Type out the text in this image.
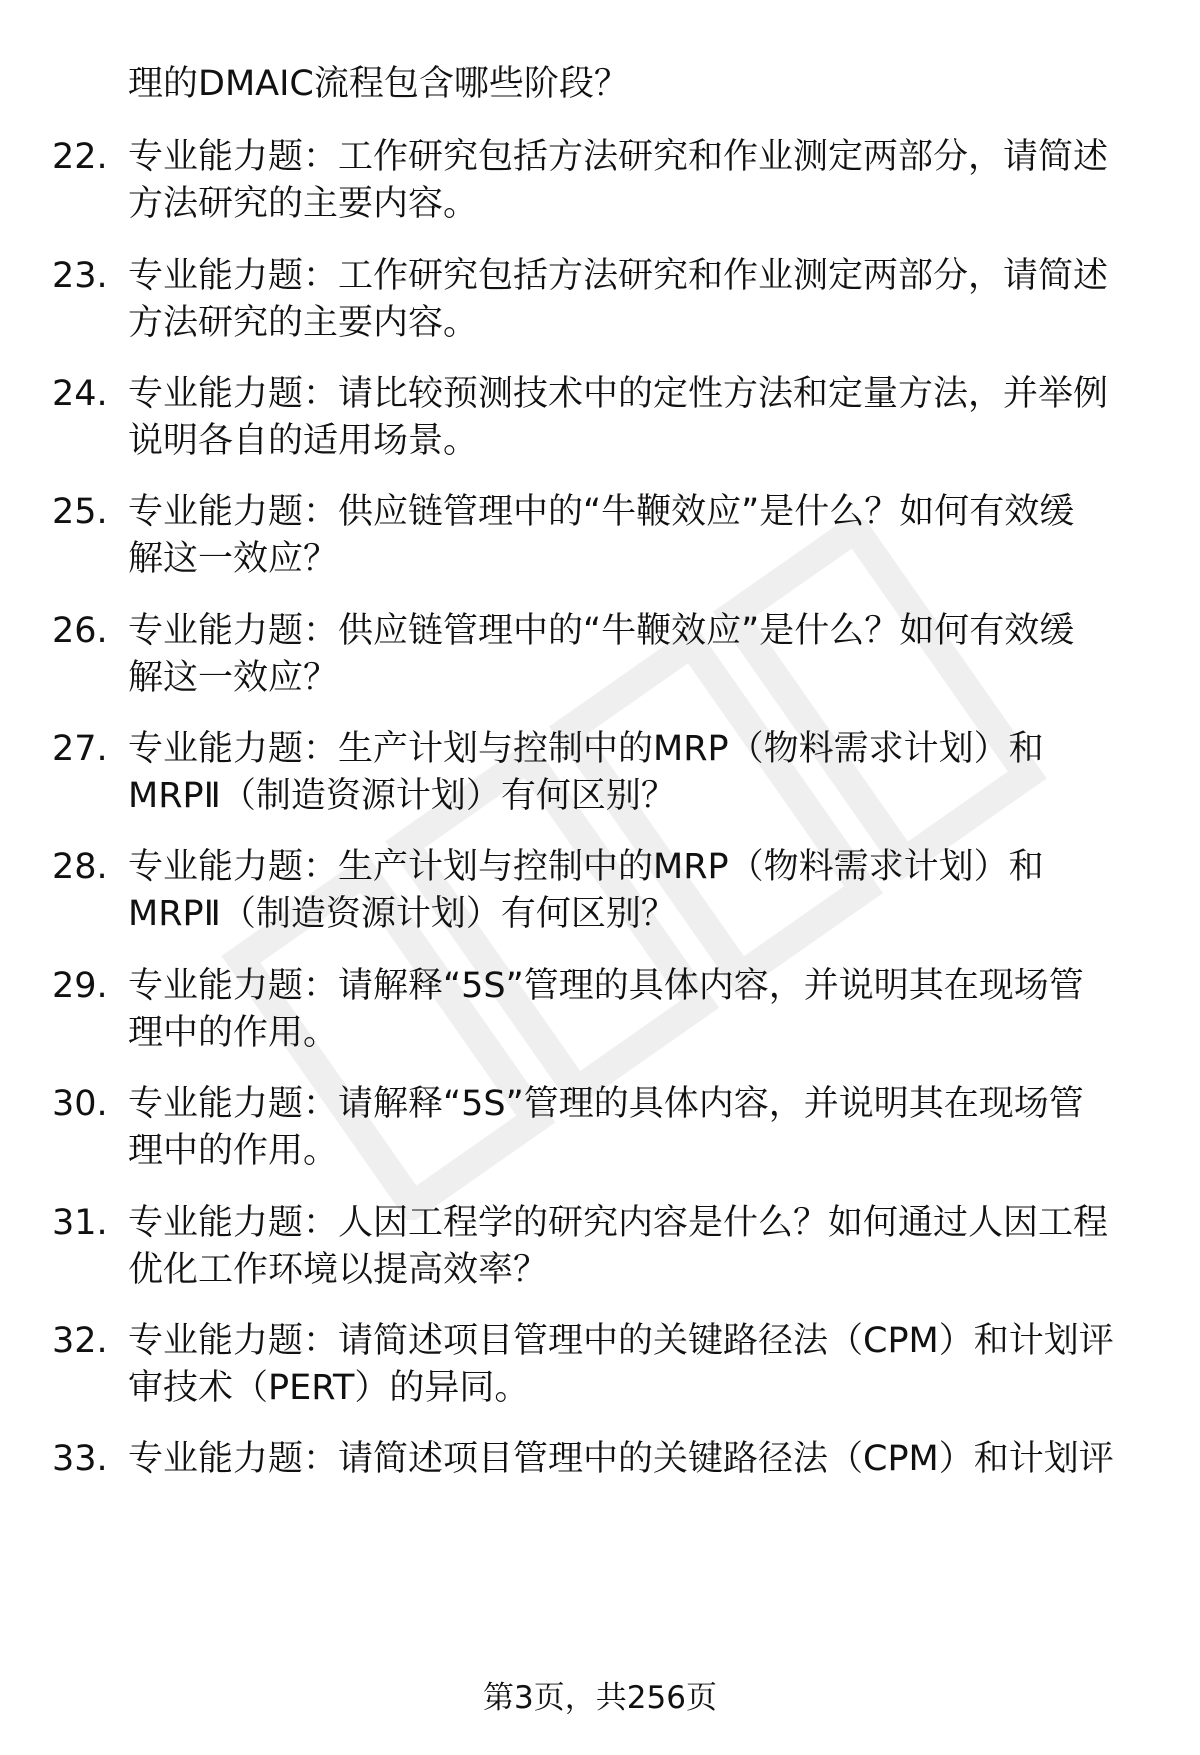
理的DMAIC流程包含哪些阶段？
22. 专业能力题：工作研究包括方法研究和作业测定两部分，请简述
方法研究的主要内容。
23. 专业能力题：工作研究包括方法研究和作业测定两部分，请简述
方法研究的主要内容。
24. 专业能力题：请比较预测技术中的定性方法和定量方法，并举例
说明各自的适用场景。
25. 专业能力题：供应链管理中的“牛鞭效应”是什么？如何有效缓
解这一效应？
26. 专业能力题：供应链管理中的“牛鞭效应”是什么？如何有效缓
解这一效应？
27. 专业能力题：生产计划与控制中的MRP（物料需求计划）和
MRPⅡ（制造资源计划）有何区别？
28. 专业能力题：生产计划与控制中的MRP（物料需求计划）和
MRPⅡ（制造资源计划）有何区别？
29. 专业能力题：请解释“5S”管理的具体内容，并说明其在现场管
理中的作用。
30. 专业能力题：请解释“5S”管理的具体内容，并说明其在现场管
理中的作用。
31. 专业能力题：人因工程学的研究内容是什么？如何通过人因工程
优化工作环境以提高效率？
32. 专业能力题：请简述项目管理中的关键路径法（CPM）和计划评
审技术（PERT）的异同。
33. 专业能力题：请简述项目管理中的关键路径法（CPM）和计划评
第3页，共256页
